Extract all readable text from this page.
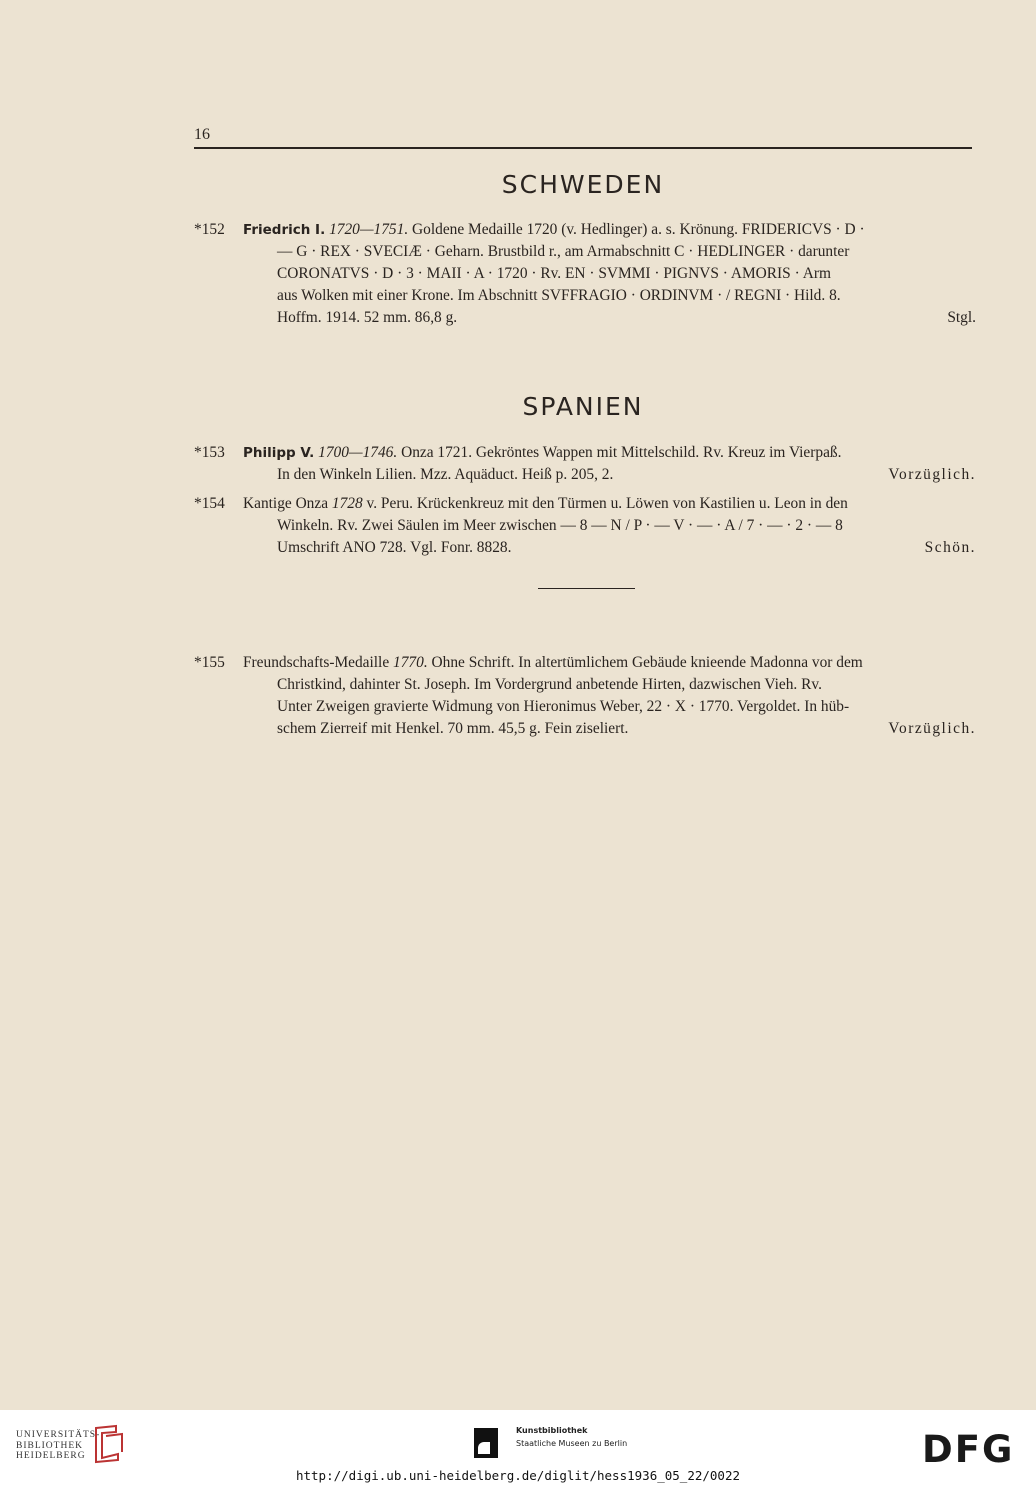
16
SCHWEDEN
*152 Friedrich I. 1720—1751. Goldene Medaille 1720 (v. Hedlinger) a. s. Krönung. FRIDERICVS · D ·
— G · REX · SVECIÆ · Geharn. Brustbild r., am Armabschnitt C · HEDLINGER · darunter
CORONATVS · D · 3 · MAII · A · 1720 · Rv. EN · SVMMI · PIGNVS · AMORIS · Arm
aus Wolken mit einer Krone. Im Abschnitt SVFFRAGIO · ORDINVM · / REGNI · Hild. 8.
Hoffm. 1914. 52 mm. 86,8 g.	Stgl.
SPANIEN
*153 Philipp V. 1700—1746. Onza 1721. Gekröntes Wappen mit Mittelschild. Rv. Kreuz im Vierpaß.
In den Winkeln Lilien. Mzz. Aquäduct. Heiß p. 205, 2.	Vorzüglich.
*154 Kantige Onza 1728 v. Peru. Krückenkreuz mit den Türmen u. Löwen von Kastilien u. Leon in den
Winkeln. Rv. Zwei Säulen im Meer zwischen — 8 — N / P · — V · — · A / 7 · — · 2 · — 8
Umschrift ANO 728. Vgl. Fonr. 8828.	Schön.
*155 Freundschafts-Medaille 1770. Ohne Schrift. In altertümlichem Gebäude knieende Madonna vor dem
Christkind, dahinter St. Joseph. Im Vordergrund anbetende Hirten, dazwischen Vieh. Rv.
Unter Zweigen gravierte Widmung von Hieronimus Weber, 22 · X · 1770. Vergoldet. In hüb-
schem Zierreif mit Henkel. 70 mm. 45,5 g. Fein ziseliert.	Vorzüglich.
UNIVERSITÄTS-
BIBLIOTHEK
HEIDELBERG
Kunstbibliothek
Staatliche Museen zu Berlin	DFG
http://digi.ub.uni-heidelberg.de/diglit/hess1936_05_22/0022
